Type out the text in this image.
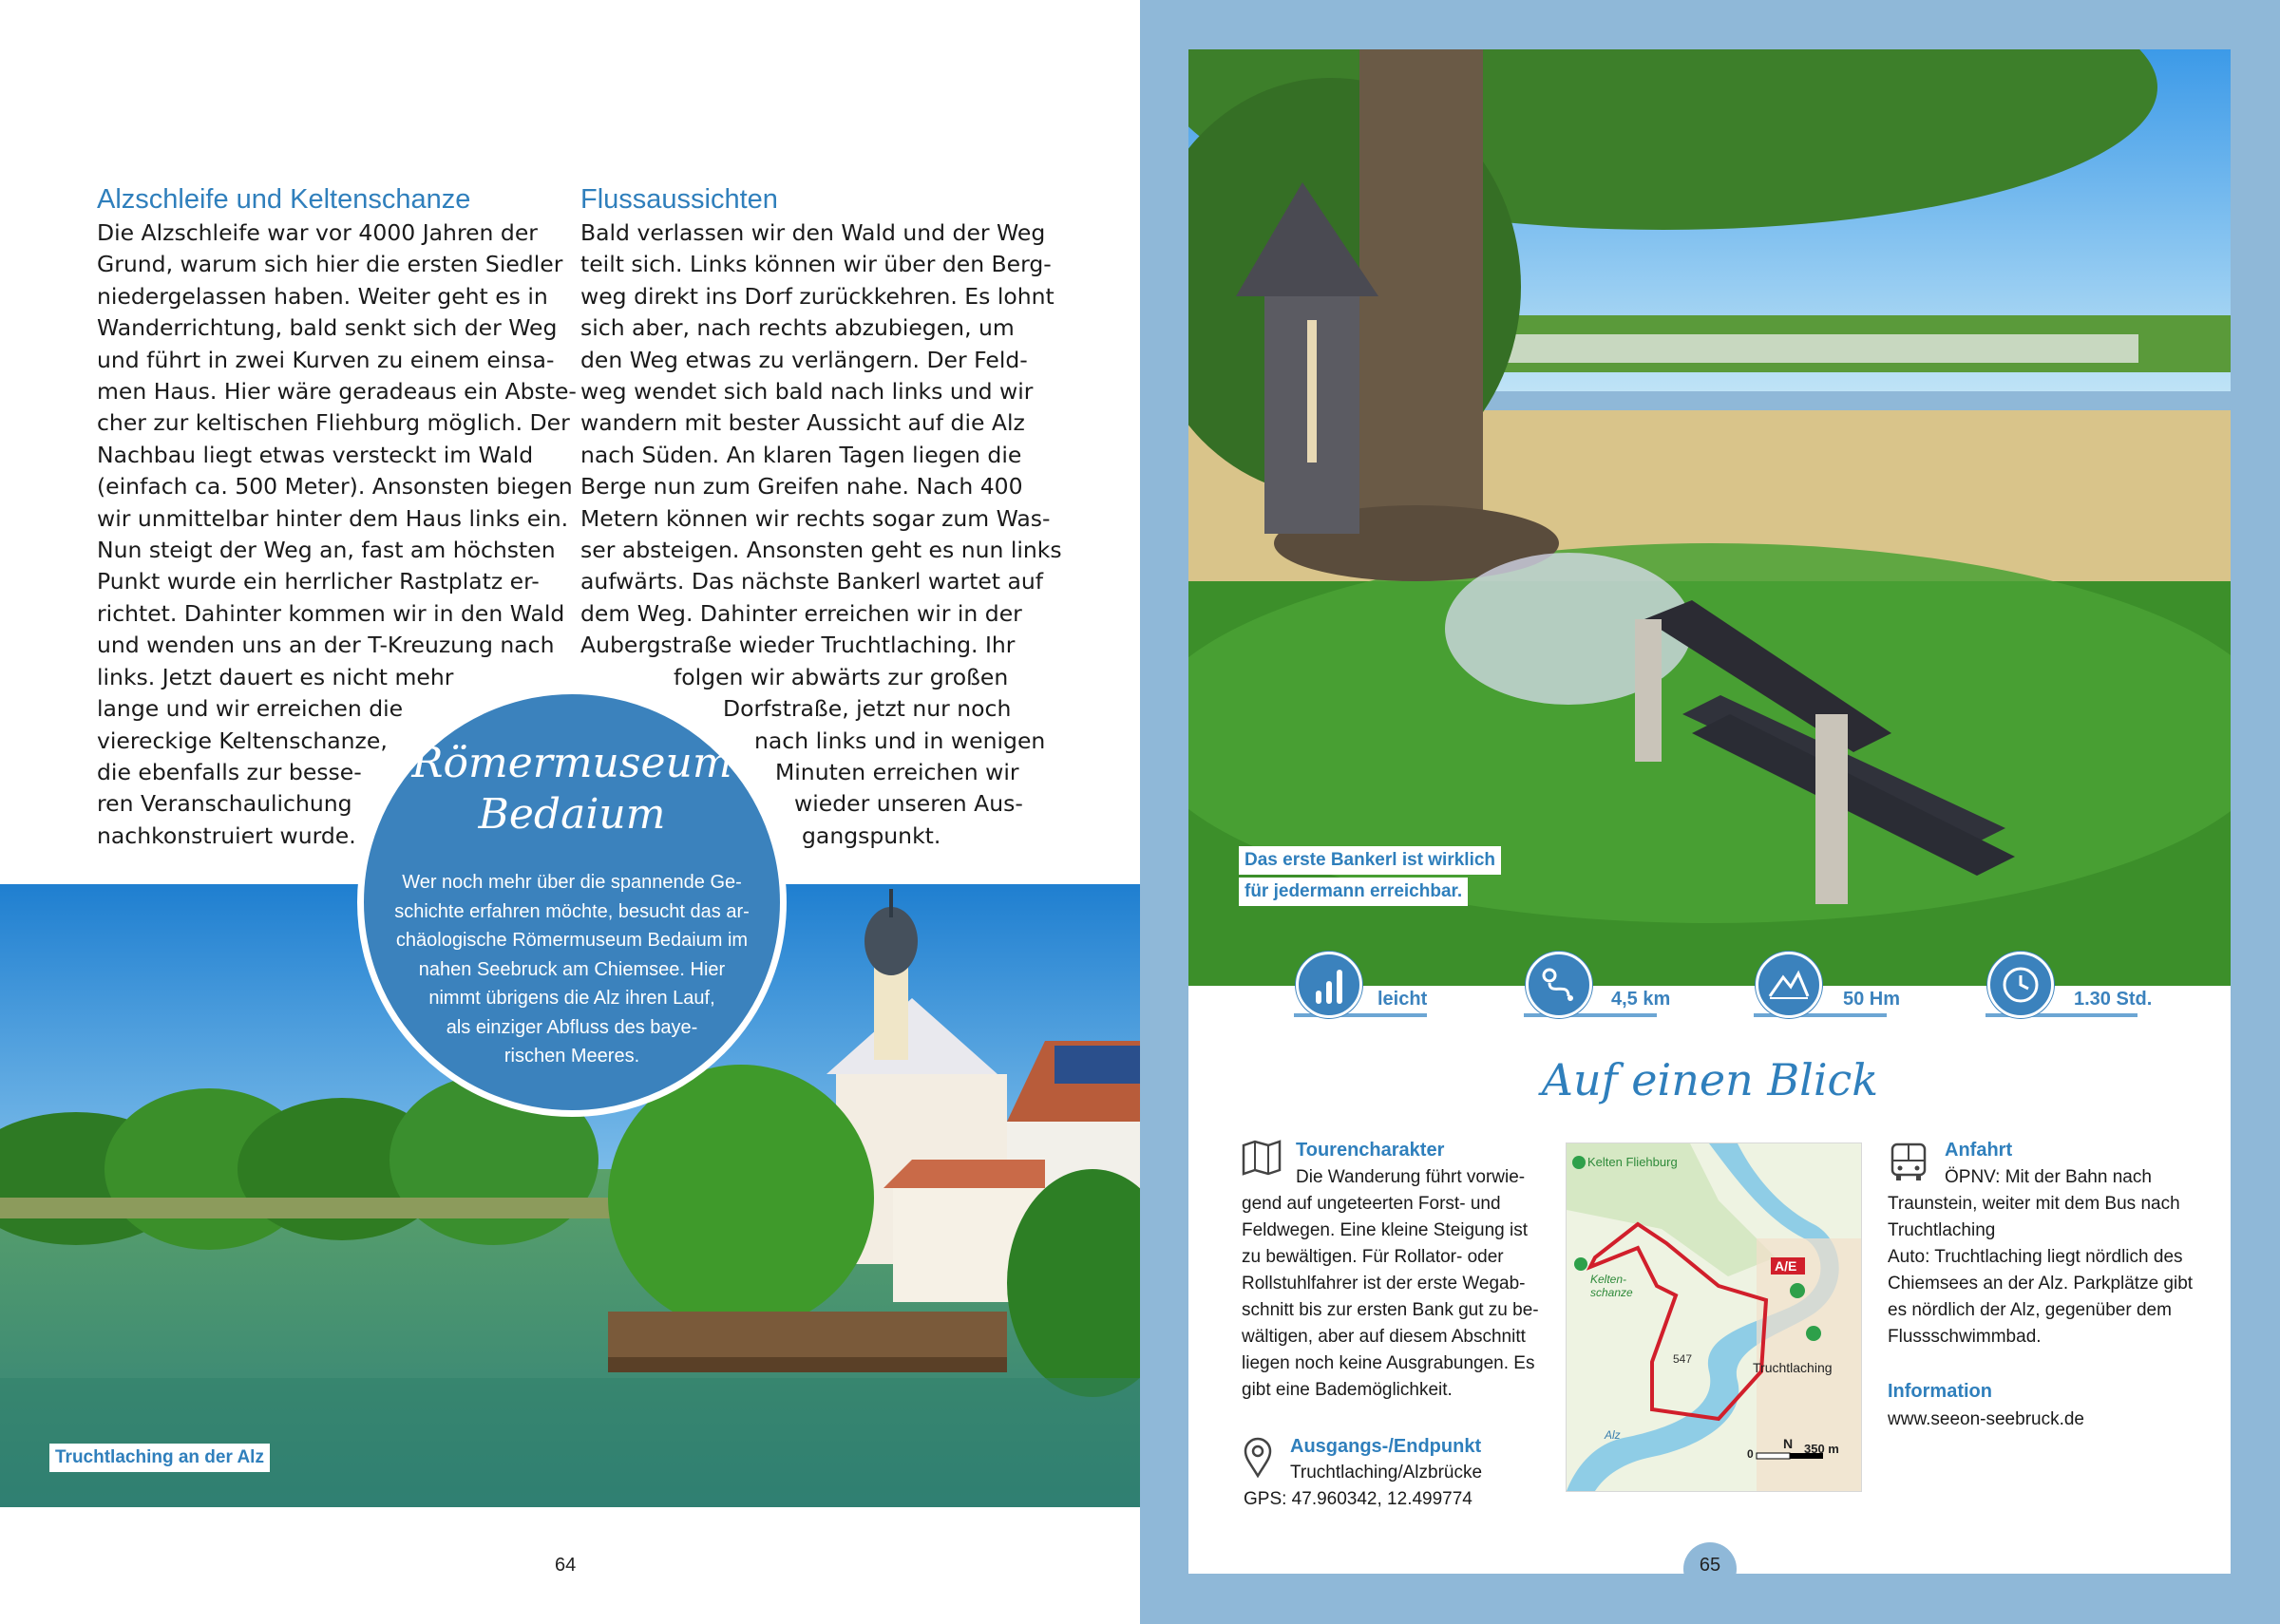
Alzschleife und Keltenschanze
Die Alzschleife war vor 4000 Jahren der
Grund, warum sich hier die ersten Siedler
niedergelassen haben. Weiter geht es in
Wanderrichtung, bald senkt sich der Weg
und führt in zwei Kurven zu einem einsa-
men Haus. Hier wäre geradeaus ein Abste-
cher zur keltischen Fliehburg möglich. Der
Nachbau liegt etwas versteckt im Wald
(einfach ca. 500 Meter). Ansonsten biegen
wir unmittelbar hinter dem Haus links ein.
Nun steigt der Weg an, fast am höchsten
Punkt wurde ein herrlicher Rastplatz er-
richtet. Dahinter kommen wir in den Wald
und wenden uns an der T-Kreuzung nach
links. Jetzt dauert es nicht mehr
lange und wir erreichen die
viereckige Keltenschanze,
die ebenfalls zur besse-
ren Veranschaulichung
nachkonstruiert wurde.
Flussaussichten
Bald verlassen wir den Wald und der Weg
teilt sich. Links können wir über den Berg-
weg direkt ins Dorf zurückkehren. Es lohnt
sich aber, nach rechts abzubiegen, um
den Weg etwas zu verlängern. Der Feld-
weg wendet sich bald nach links und wir
wandern mit bester Aussicht auf die Alz
nach Süden. An klaren Tagen liegen die
Berge nun zum Greifen nahe. Nach 400
Metern können wir rechts sogar zum Was-
ser absteigen. Ansonsten geht es nun links
aufwärts. Das nächste Bankerl wartet auf
dem Weg. Dahinter erreichen wir in der
Aubergstraße wieder Truchtlaching. Ihr
folgen wir abwärts zur großen
Dorfstraße, jetzt nur noch
nach links und in wenigen
Minuten erreichen wir
wieder unseren Aus-
gangspunkt.
Truchtlaching an der Alz
Römermuseum
Bedaium
Wer noch mehr über die spannende Ge-
schichte erfahren möchte, besucht das ar-
chäologische Römermuseum Bedaium im
nahen Seebruck am Chiemsee. Hier
nimmt übrigens die Alz ihren Lauf,
als einziger Abfluss des baye-
rischen Meeres.
64
Das erste Bankerl ist wirklich
für jedermann erreichbar.
leicht	4,5 km	50 Hm	1.30 Std.
Auf einen Blick
Tourencharakter
Die Wanderung führt vorwie-
gend auf ungeteerten Forst- und
Feldwegen. Eine kleine Steigung ist
zu bewältigen. Für Rollator- oder
Rollstuhlfahrer ist der erste Wegab-
schnitt bis zur ersten Bank gut zu be-
wältigen, aber auf diesem Abschnitt
liegen noch keine Ausgrabungen. Es
gibt eine Bademöglichkeit.
Ausgangs-/Endpunkt
Truchtlaching/Alzbrücke
GPS: 47.960342, 12.499774
Kelten Fliehburg
Kelten-
schanze
A/E
Truchtlaching
547
Alz
0	350 m
N
Anfahrt
ÖPNV: Mit der Bahn nach
Traunstein, weiter mit dem Bus nach
Truchtlaching
Auto: Truchtlaching liegt nördlich des
Chiemsees an der Alz. Parkplätze gibt
es nördlich der Alz, gegenüber dem
Flussschwimmbad.
Information
www.seeon-seebruck.de
65
